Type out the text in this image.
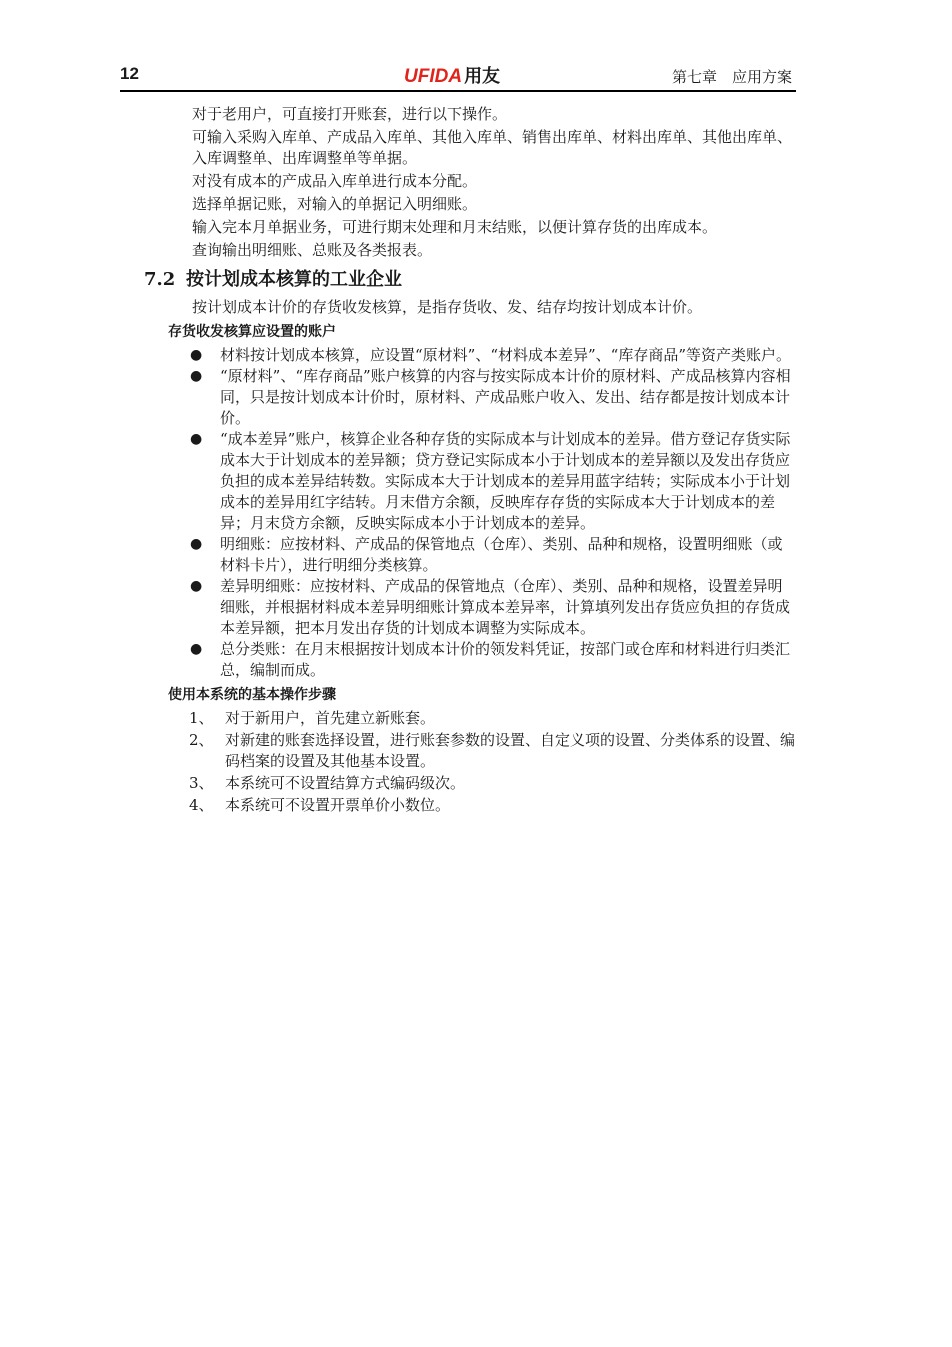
12	UFIDA 用友	第七章　应用方案

对于老用户，可直接打开账套，进行以下操作。

可输入采购入库单、产成品入库单、其他入库单、销售出库单、材料出库单、其他出库单、入库调整单、出库调整单等单据。

对没有成本的产成品入库单进行成本分配。

选择单据记账，对输入的单据记入明细账。

输入完本月单据业务，可进行期末处理和月末结账，以便计算存货的出库成本。

查询输出明细账、总账及各类报表。

7.2 按计划成本核算的工业企业

按计划成本计价的存货收发核算，是指存货收、发、结存均按计划成本计价。

存货收发核算应设置的账户
● 材料按计划成本核算，应设置“原材料”、“材料成本差异”、“库存商品”等资产类账户。
● “原材料”、“库存商品”账户核算的内容与按实际成本计价的原材料、产成品核算内容相同，只是按计划成本计价时，原材料、产成品账户收入、发出、结存都是按计划成本计价。
● “成本差异”账户，核算企业各种存货的实际成本与计划成本的差异。借方登记存货实际成本大于计划成本的差异额；贷方登记实际成本小于计划成本的差异额以及发出存货应负担的成本差异结转数。实际成本大于计划成本的差异用蓝字结转；实际成本小于计划成本的差异用红字结转。月末借方余额，反映库存存货的实际成本大于计划成本的差异；月末贷方余额，反映实际成本小于计划成本的差异。
● 明细账：应按材料、产成品的保管地点（仓库）、类别、品种和规格，设置明细账（或材料卡片），进行明细分类核算。
● 差异明细账：应按材料、产成品的保管地点（仓库）、类别、品种和规格，设置差异明细账，并根据材料成本差异明细账计算成本差异率，计算填列发出存货应负担的存货成本差异额，把本月发出存货的计划成本调整为实际成本。
● 总分类账：在月末根据按计划成本计价的领发料凭证，按部门或仓库和材料进行归类汇总，编制而成。
使用本系统的基本操作步骤
1、 对于新用户，首先建立新账套。
2、 对新建的账套选择设置，进行账套参数的设置、自定义项的设置、分类体系的设置、编码档案的设置及其他基本设置。
3、 本系统可不设置结算方式编码级次。
4、 本系统可不设置开票单价小数位。
